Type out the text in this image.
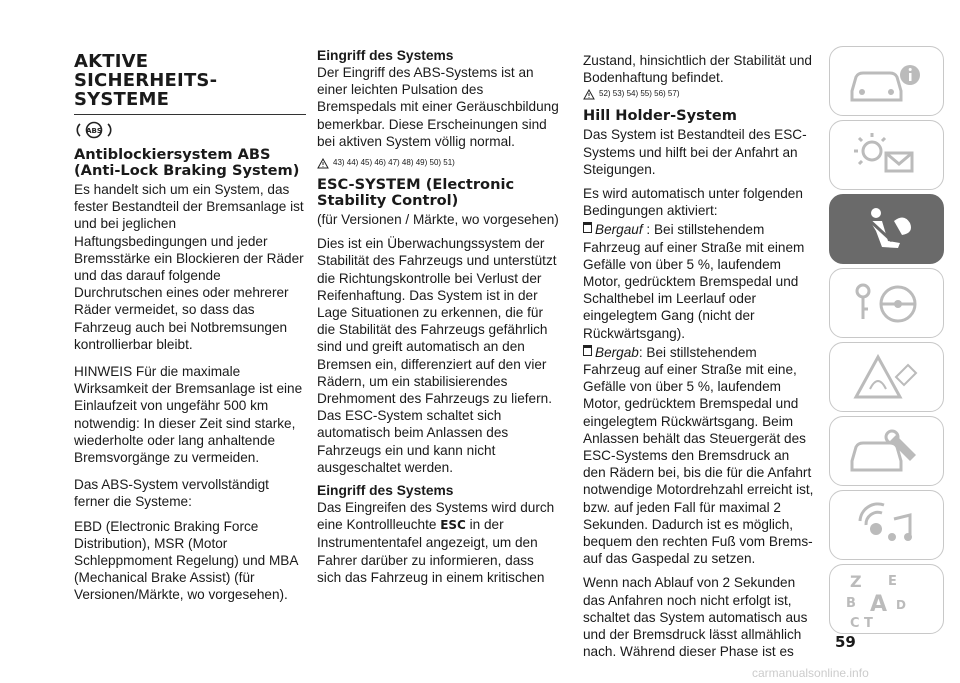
AKTIVE
SICHERHEITS-
SYSTEME
ABS
Antiblockiersystem ABS (Anti-Lock Braking System)

Es handelt sich um ein System, das fester Bestandteil der Bremsanlage ist und bei jeglichen Haftungsbedingungen und jeder Bremsstärke ein Blockieren der Räder und das darauf folgende Durchrutschen eines oder mehrerer Räder vermeidet, so dass das Fahrzeug auch bei Notbremsungen kontrollierbar bleibt.

HINWEIS Für die maximale Wirksamkeit der Bremsanlage ist eine Einlaufzeit von ungefähr 500 km notwendig: In dieser Zeit sind starke, wiederholte oder lang anhaltende Bremsvorgänge zu vermeiden.

Das ABS-System vervollständigt ferner die Systeme:

EBD (Electronic Braking Force Distribution), MSR (Motor Schleppmoment Regelung) und MBA (Mechanical Brake Assist) (für Versionen/Märkte, wo vorgesehen).

Eingriff des Systems

Der Eingriff des ABS-Systems ist an einer leichten Pulsation des Bremspedals mit einer Geräuschbildung bemerkbar. Diese Erscheinungen sind bei aktiven System völlig normal.

43) 44) 45) 46) 47) 48) 49) 50) 51)
ESC-SYSTEM (Electronic Stability Control)

(für Versionen / Märkte, wo vorgesehen)

Dies ist ein Überwachungssystem der Stabilität des Fahrzeugs und unterstützt die Richtungskontrolle bei Verlust der Reifenhaftung. Das System ist in der Lage Situationen zu erkennen, die für die Stabilität des Fahrzeugs gefährlich sind und greift automatisch an den Bremsen ein, differenziert auf den vier Rädern, um ein stabilisierendes Drehmoment des Fahrzeugs zu liefern. Das ESC-System schaltet sich automatisch beim Anlassen des Fahrzeugs ein und kann nicht ausgeschaltet werden.

Eingriff des Systems

Das Eingreifen des Systems wird durch eine Kontrollleuchte ESC in der Instrumententafel angezeigt, um den Fahrer darüber zu informieren, dass sich das Fahrzeug in einem kritischen

Zustand, hinsichtlich der Stabilität und Bodenhaftung befindet.

52) 53) 54) 55) 56) 57)
Hill Holder-System

Das System ist Bestandteil des ESC-Systems und hilft bei der Anfahrt an Steigungen.

Es wird automatisch unter folgenden Bedingungen aktiviert:

Bergauf : Bei stillstehendem Fahrzeug auf einer Straße mit einem Gefälle von über 5 %, laufendem Motor, gedrücktem Bremspedal und Schalthebel im Leerlauf oder eingelegtem Gang (nicht der Rückwärtsgang).

Bergab: Bei stillstehendem Fahrzeug auf einer Straße mit eine, Gefälle von über 5 %, laufendem Motor, gedrücktem Bremspedal und eingelegtem Rückwärtsgang. Beim Anlassen behält das Steuergerät des ESC-Systems den Bremsdruck an den Rädern bei, bis die für die Anfahrt notwendige Motordrehzahl erreicht ist, bzw. auf jeden Fall für maximal 2 Sekunden. Dadurch ist es möglich, bequem den rechten Fuß vom Brems-auf das Gaspedal zu setzen.

Wenn nach Ablauf von 2 Sekunden das Anfahren noch nicht erfolgt ist, schaltet das System automatisch aus und der Bremsdruck lässt allmählich nach. Während dieser Phase ist es

Z E
B A
C T
D
59
carmanualsonline.info
